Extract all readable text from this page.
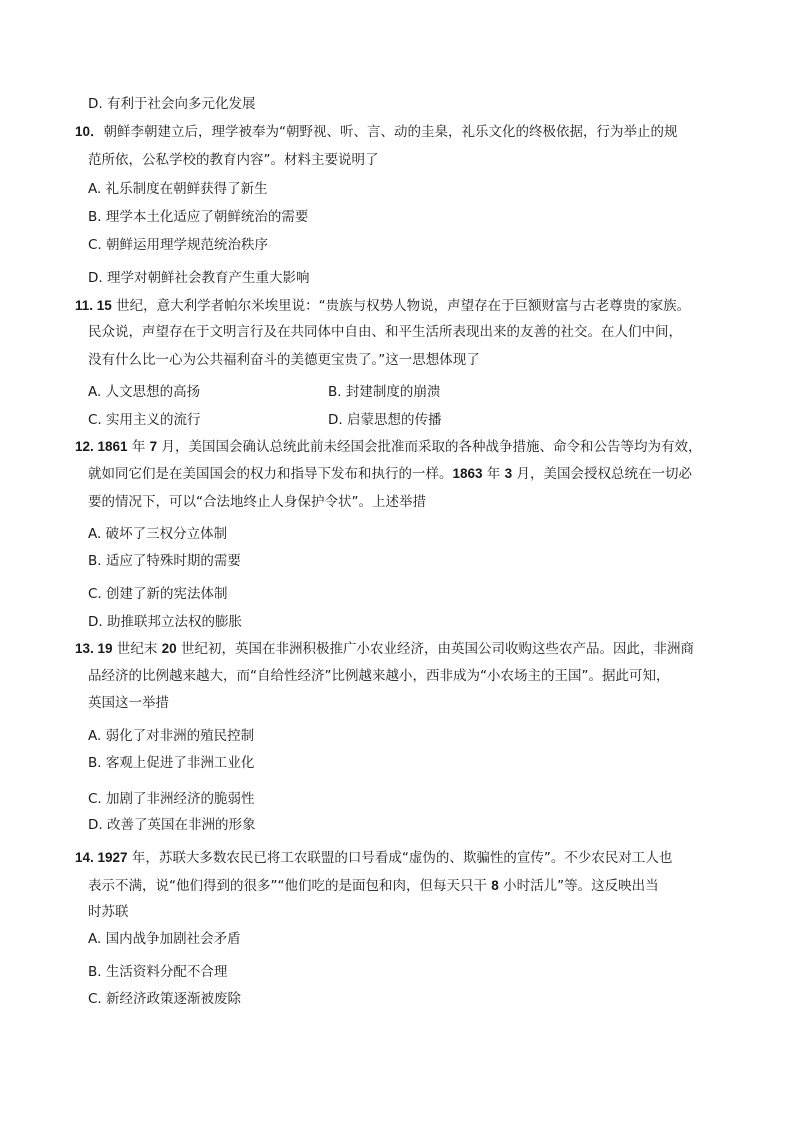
D. 有利于社会向多元化发展
10．朝鲜李朝建立后，理学被奉为“朝野视、听、言、动的圭臬，礼乐文化的终极依据，行为举止的规
范所依，公私学校的教育内容”。材料主要说明了
A. 礼乐制度在朝鲜获得了新生
B. 理学本土化适应了朝鲜统治的需要
C. 朝鲜运用理学规范统治秩序
D. 理学对朝鲜社会教育产生重大影响
11. 15 世纪，意大利学者帕尔米埃里说：“贵族与权势人物说，声望存在于巨额财富与古老尊贵的家族。
民众说，声望存在于文明言行及在共同体中自由、和平生活所表现出来的友善的社交。在人们中间，
没有什么比一心为公共福利奋斗的美德更宝贵了。”这一思想体现了
A. 人文思想的高扬	B. 封建制度的崩溃
C. 实用主义的流行	D. 启蒙思想的传播
12. 1861 年 7 月，美国国会确认总统此前未经国会批准而采取的各种战争措施、命令和公告等均为有效，
就如同它们是在美国国会的权力和指导下发布和执行的一样。1863 年 3 月，美国会授权总统在一切必
要的情况下，可以“合法地终止人身保护令状”。上述举措
A. 破坏了三权分立体制
B. 适应了特殊时期的需要
C. 创建了新的宪法体制
D. 助推联邦立法权的膨胀
13. 19 世纪末 20 世纪初，英国在非洲积极推广小农业经济，由英国公司收购这些农产品。因此，非洲商
品经济的比例越来越大，而“自给性经济”比例越来越小，西非成为“小农场主的王国”。据此可知，
英国这一举措
A. 弱化了对非洲的殖民控制
B. 客观上促进了非洲工业化
C. 加剧了非洲经济的脆弱性
D. 改善了英国在非洲的形象
14. 1927 年，苏联大多数农民已将工农联盟的口号看成“虚伪的、欺骗性的宣传”。不少农民对工人也
表示不满，说“他们得到的很多”“他们吃的是面包和肉，但每天只干 8 小时活儿”等。这反映出当
时苏联
A. 国内战争加剧社会矛盾
B. 生活资料分配不合理
C. 新经济政策逐渐被废除
